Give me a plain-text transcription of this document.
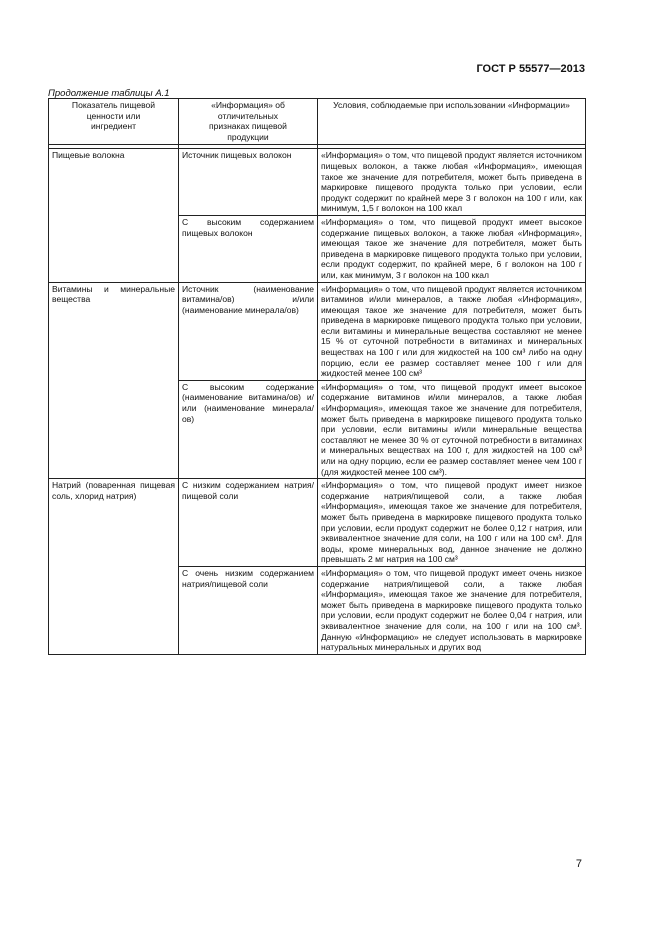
ГОСТ Р 55577—2013
Продолжение таблицы А.1
Показатель пищевой ценности или ингредиент	«Информация» об отличительных признаках пищевой продукции	Условия, соблюдаемые при использовании «Информации»

Пищевые волокна	Источник пищевых волокон	«Информация» о том, что пищевой продукт является источником пищевых волокон, а также любая «Информация», имеющая такое же значение для потребителя, может быть приведена в маркировке пищевого продукта только при условии, если продукт содержит по крайней мере 3 г волокон на 100 г или, как минимум, 1,5 г волокон на 100 ккал
	С высоким содержанием пищевых волокон	«Информация» о том, что пищевой продукт имеет высокое содержание пищевых волокон, а также любая «Информация», имеющая такое же значение для потребителя, может быть приведена в маркировке пищевого продукта только при условии, если продукт содержит, по крайней мере, 6 г волокон на 100 г или, как минимум, 3 г волокон на 100 ккал
Витамины и минеральные вещества	Источник (наименование витамина/ов) и/или (наименование минерала/ов)	«Информация» о том, что пищевой продукт является источником витаминов и/или минералов, а также любая «Информация», имеющая такое же значение для потребителя, может быть приведена в маркировке пищевого продукта только при условии, если витамины и минеральные вещества составляют не менее 15 % от суточной потребности в витаминах и минеральных веществах на 100 г или для жидкостей на 100 см³ либо на одну порцию, если ее размер составляет менее 100 г или для жидкостей менее 100 см³
	С высоким содержание (наименование витамина/ов) и/или (наименование минерала/ов)	«Информация» о том, что пищевой продукт имеет высокое содержание витаминов и/или минералов, а также любая «Информация», имеющая такое же значение для потребителя, может быть приведена в маркировке пищевого продукта только при условии, если витамины и/или минеральные вещества составляют не менее 30 % от суточной потребности в витаминах и минеральных веществах на 100 г, для жидкостей на 100 см³ или на одну порцию, если ее размер составляет менее чем 100 г (для жидкостей менее 100 см³).
Натрий (поваренная пищевая соль, хлорид натрия)	С низким содержанием натрия/пищевой соли	«Информация» о том, что пищевой продукт имеет низкое содержание натрия/пищевой соли, а также любая «Информация», имеющая такое же значение для потребителя, может быть приведена в маркировке пищевого продукта только при условии, если продукт содержит не более 0,12 г натрия, или эквивалентное значение для соли, на 100 г или на 100 см³. Для воды, кроме минеральных вод, данное значение не должно превышать 2 мг натрия на 100 см³
	С очень низким содержанием натрия/пищевой соли	«Информация» о том, что пищевой продукт имеет очень низкое содержание натрия/пищевой соли, а также любая «Информация», имеющая такое же значение для потребителя, может быть приведена в маркировке пищевого продукта только при условии, если продукт содержит не более 0,04 г натрия, или эквивалентное значение для соли, на 100 г или на 100 см³. Данную «Информацию» не следует использовать в маркировке натуральных минеральных и других вод
7
